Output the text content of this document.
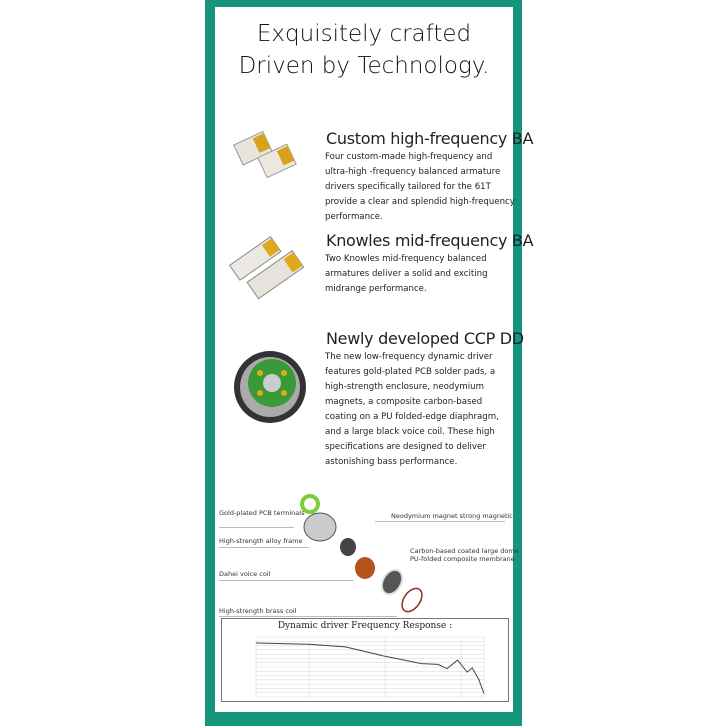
Exquisitely crafted
Driven by Technology.
Custom high-frequency BA
Four custom-made high-frequency and ultra-high -frequency balanced armature drivers specifically tailored for the 61T provide a clear and splendid high-frequency performance.
Knowles mid-frequency BA
Two Knowles mid-frequency balanced armatures deliver a solid and exciting midrange performance.
Newly developed CCP DD
The new low-frequency dynamic driver features gold-plated PCB solder pads, a high-strength enclosure, neodymium magnets, a composite carbon-based coating on a PU folded-edge diaphragm, and a large black voice coil. These high specifications are designed to deliver astonishing bass performance.
Gold-plated PCB terminals
High-strength alloy frame
Dahei voice coil
High-strength brass coil
Neodymium magnet strong magnetic
Carbon-based coated large dome
PU-folded composite membrane
Dynamic driver Frequency Response :
